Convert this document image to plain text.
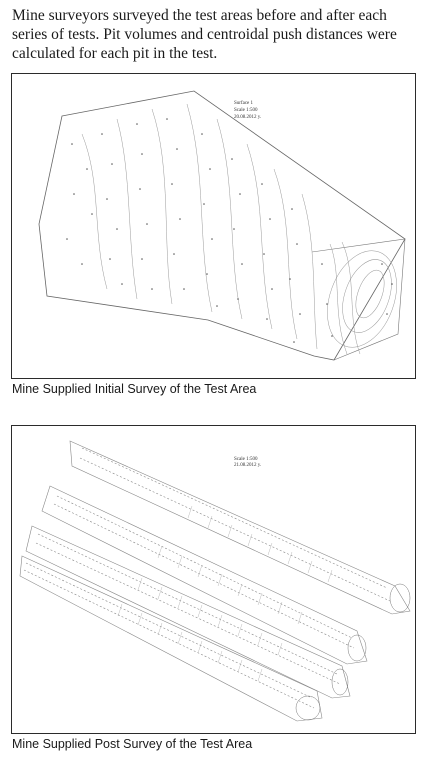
Mine surveyors surveyed the test areas before and after each series of tests. Pit volumes and centroidal push distances were calculated for each pit in the test.
Surface 1
Scale 1:500
20.08.2012 y.
Mine Supplied Initial Survey of the Test Area
Scale 1:500
21.08.2012 y.
Mine Supplied Post Survey of the Test Area
